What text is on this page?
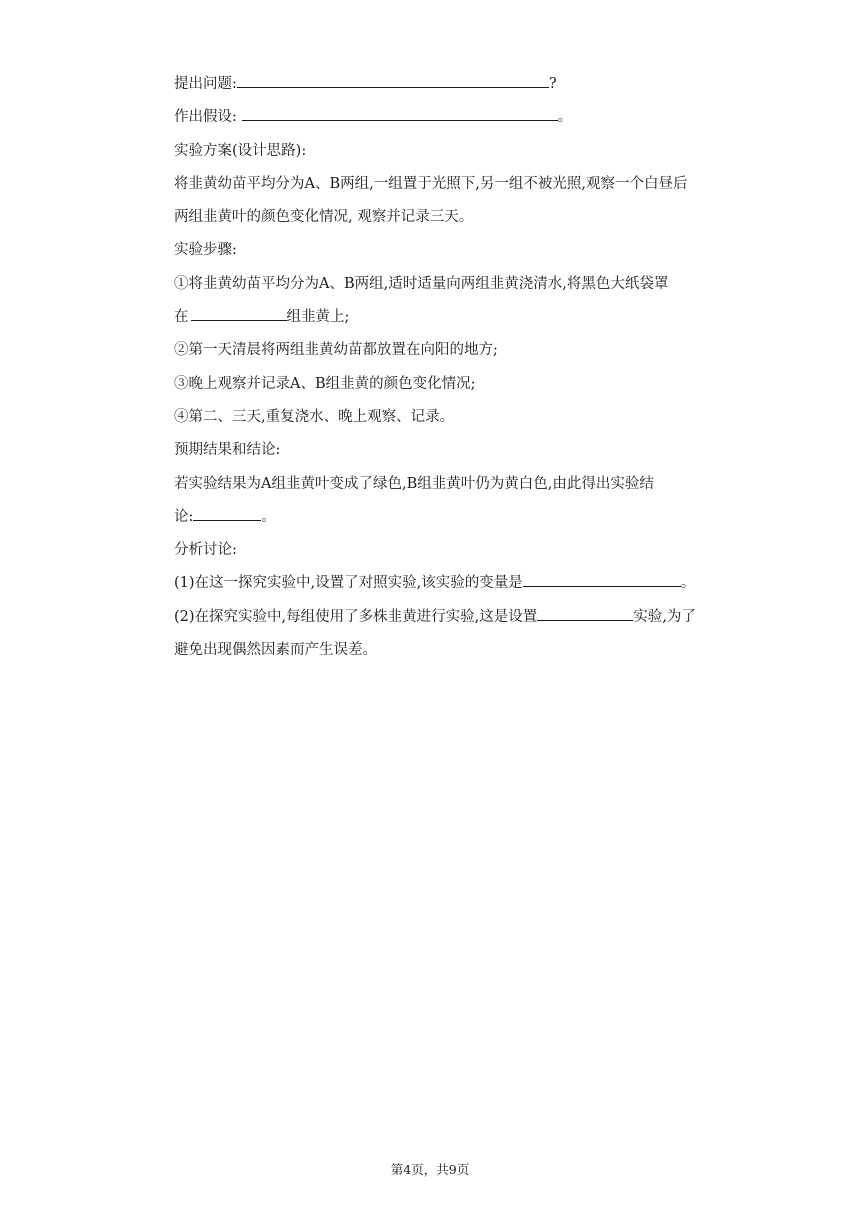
提出问题:	?
作出假设:	。
实验方案(设计思路):
将韭黄幼苗平均分为A、B两组,一组置于光照下,另一组不被光照,观察一个白昼后
两组韭黄叶的颜色变化情况, 观察并记录三天。
实验步骤:
①将韭黄幼苗平均分为A、B两组,适时适量向两组韭黄浇清水,将黑色大纸袋罩
在	组韭黄上;
②第一天清晨将两组韭黄幼苗都放置在向阳的地方;
③晚上观察并记录A、B组韭黄的颜色变化情况;
④第二、三天,重复浇水、晚上观察、记录。
预期结果和结论:
若实验结果为A组韭黄叶变成了绿色,B组韭黄叶仍为黄白色,由此得出实验结
论:	。
分析讨论:
(1)在这一探究实验中,设置了对照实验,该实验的变量是	。
(2)在探究实验中,每组使用了多株韭黄进行实验,这是设置	实验,为了
避免出现偶然因素而产生误差。
第4页，共9页
